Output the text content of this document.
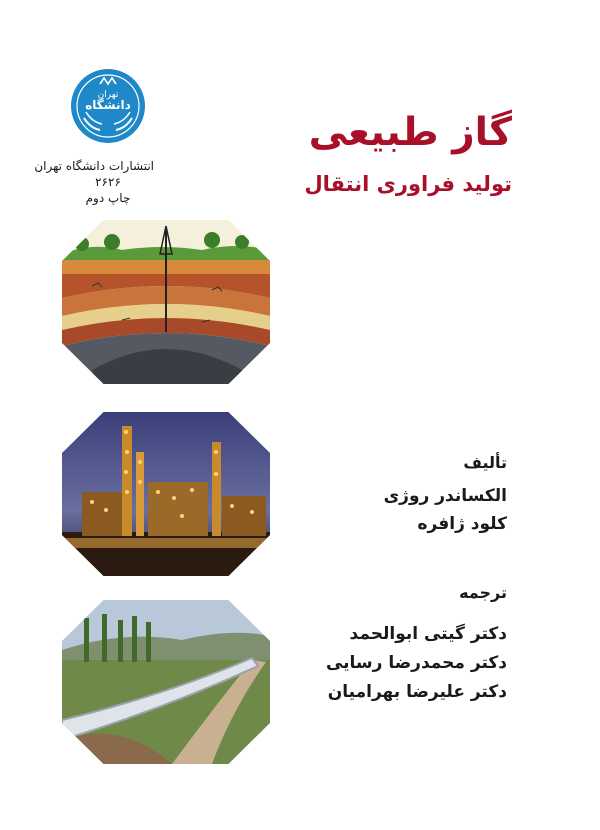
دانشگاه
تهران
انتشارات دانشگاه تهران
۲۶۲۶
چاپ دوم
گاز طبیعی
تولید فراوری انتقال
تألیف
الکساندر روژی
کلود ژافره
ترجمه
دکتر گیتی ابوالحمد
دکتر محمدرضا رسایی
دکتر علیرضا بهرامیان
